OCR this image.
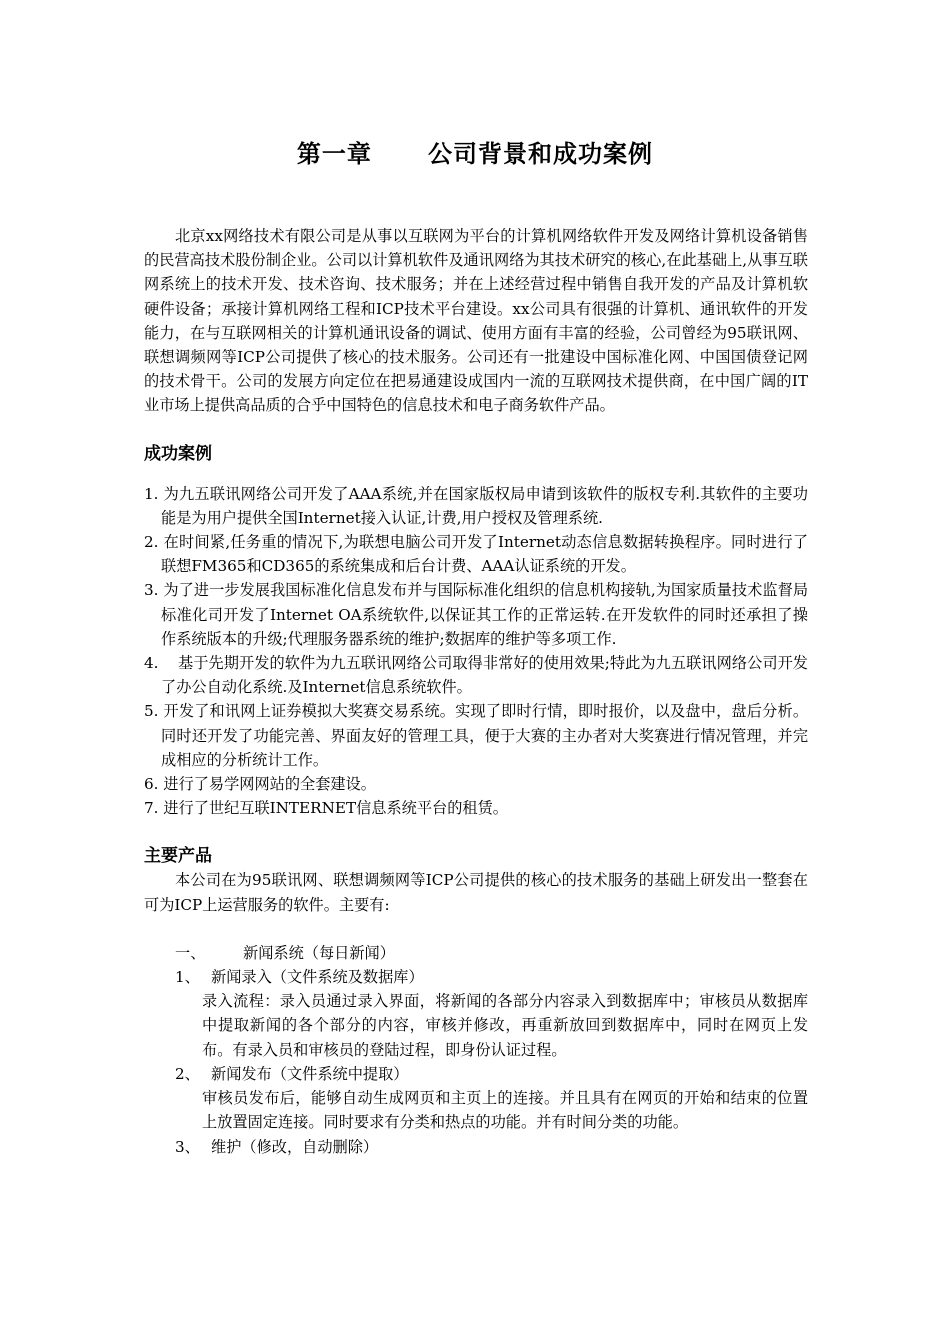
第一章      公司背景和成功案例

北京xx网络技术有限公司是从事以互联网为平台的计算机网络软件开发及网络计算机设备销售的民营高技术股份制企业。公司以计算机软件及通讯网络为其技术研究的核心,在此基础上,从事互联网系统上的技术开发、技术咨询、技术服务；并在上述经营过程中销售自我开发的产品及计算机软硬件设备；承接计算机网络工程和ICP技术平台建设。xx公司具有很强的计算机、通讯软件的开发能力，在与互联网相关的计算机通讯设备的调试、使用方面有丰富的经验，公司曾经为95联讯网、联想调频网等ICP公司提供了核心的技术服务。公司还有一批建设中国标准化网、中国国债登记网的技术骨干。公司的发展方向定位在把易通建设成国内一流的互联网技术提供商，在中国广阔的IT业市场上提供高品质的合乎中国特色的信息技术和电子商务软件产品。

成功案例
1. 为九五联讯网络公司开发了AAA系统,并在国家版权局申请到该软件的版权专利.其软件的主要功能是为用户提供全国Internet接入认证,计费,用户授权及管理系统.
2. 在时间紧,任务重的情况下,为联想电脑公司开发了Internet动态信息数据转换程序。同时进行了联想FM365和CD365的系统集成和后台计费、AAA认证系统的开发。
3. 为了进一步发展我国标准化信息发布并与国际标准化组织的信息机构接轨,为国家质量技术监督局标准化司开发了Internet OA系统软件,以保证其工作的正常运转.在开发软件的同时还承担了操作系统版本的升级;代理服务器系统的维护;数据库的维护等多项工作.
4. 基于先期开发的软件为九五联讯网络公司取得非常好的使用效果;特此为九五联讯网络公司开发了办公自动化系统.及Internet信息系统软件。
5. 开发了和讯网上证券模拟大奖赛交易系统。实现了即时行情，即时报价，以及盘中，盘后分析。同时还开发了功能完善、界面友好的管理工具，便于大赛的主办者对大奖赛进行情况管理，并完成相应的分析统计工作。
6. 进行了易学网网站的全套建设。
7. 进行了世纪互联INTERNET信息系统平台的租赁。
主要产品

本公司在为95联讯网、联想调频网等ICP公司提供的核心的技术服务的基础上研发出一整套在可为ICP上运营服务的软件。主要有:

一、 新闻系统（每日新闻）
1、 新闻录入（文件系统及数据库）
录入流程：录入员通过录入界面，将新闻的各部分内容录入到数据库中；审核员从数据库中提取新闻的各个部分的内容，审核并修改，再重新放回到数据库中，同时在网页上发布。有录入员和审核员的登陆过程，即身份认证过程。
2、 新闻发布（文件系统中提取）
审核员发布后，能够自动生成网页和主页上的连接。并且具有在网页的开始和结束的位置上放置固定连接。同时要求有分类和热点的功能。并有时间分类的功能。
3、 维护（修改，自动删除）
